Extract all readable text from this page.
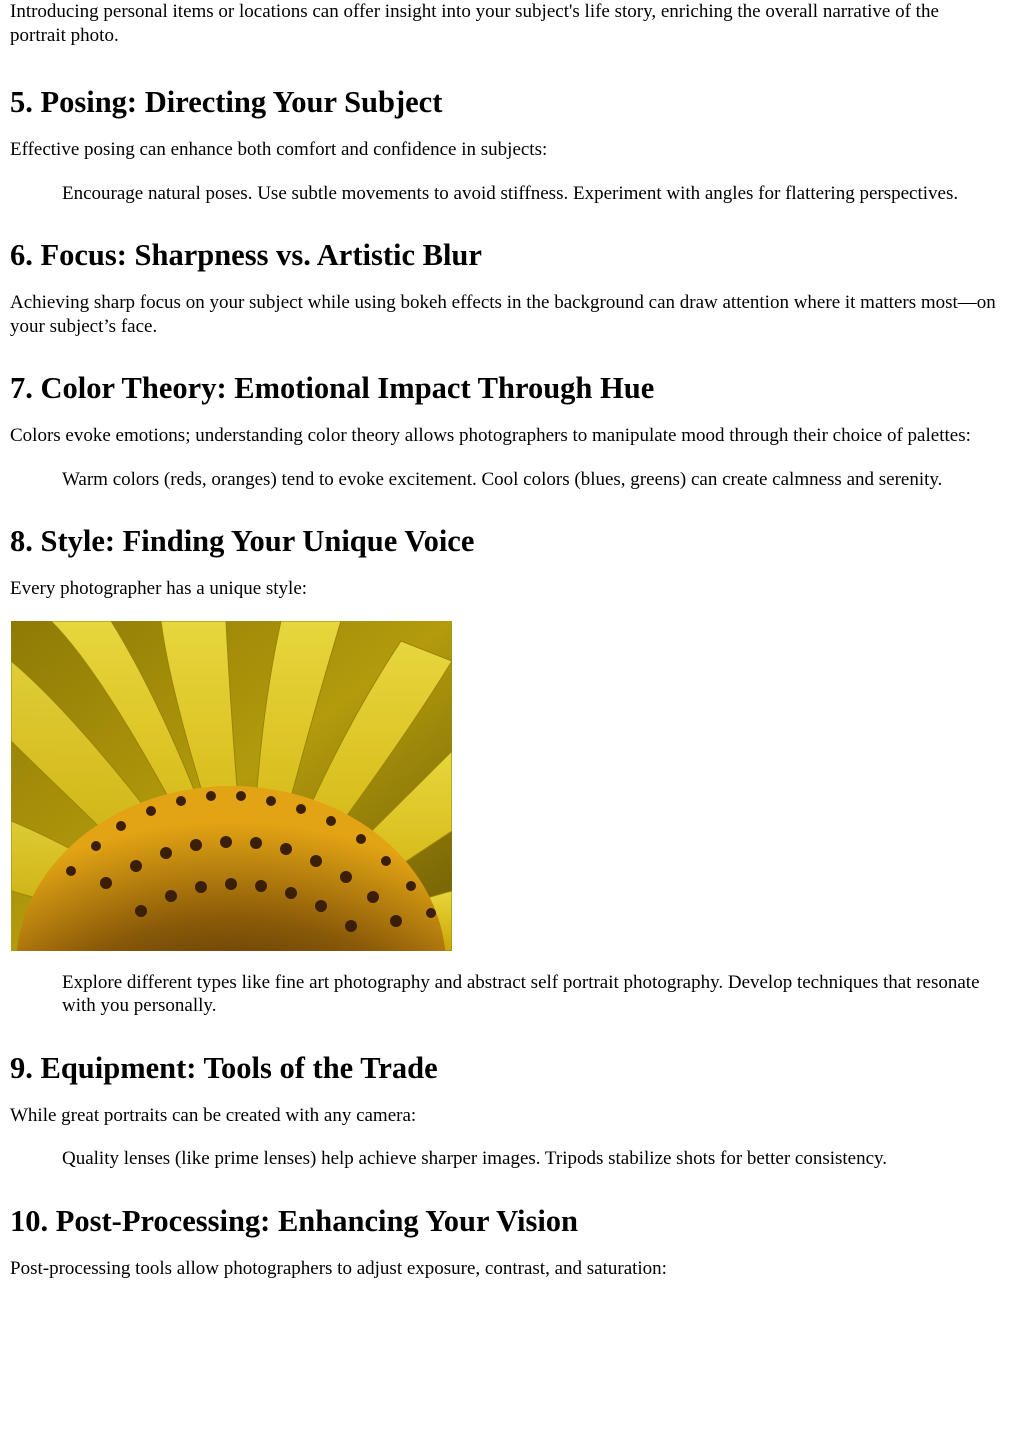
Introducing personal items or locations can offer insight into your subject's life story, enriching the overall narrative of the portrait photo.

5. Posing: Directing Your Subject

Effective posing can enhance both comfort and confidence in subjects:

Encourage natural poses. Use subtle movements to avoid stiffness. Experiment with angles for flattering perspectives.
6. Focus: Sharpness vs. Artistic Blur

Achieving sharp focus on your subject while using bokeh effects in the background can draw attention where it matters most—on your subject’s face.

7. Color Theory: Emotional Impact Through Hue

Colors evoke emotions; understanding color theory allows photographers to manipulate mood through their choice of palettes:

Warm colors (reds, oranges) tend to evoke excitement. Cool colors (blues, greens) can create calmness and serenity.
8. Style: Finding Your Unique Voice

Every photographer has a unique style:

Explore different types like fine art photography and abstract self portrait photography. Develop techniques that resonate with you personally.
9. Equipment: Tools of the Trade

While great portraits can be created with any camera:

Quality lenses (like prime lenses) help achieve sharper images. Tripods stabilize shots for better consistency.
10. Post-Processing: Enhancing Your Vision

Post-processing tools allow photographers to adjust exposure, contrast, and saturation:
